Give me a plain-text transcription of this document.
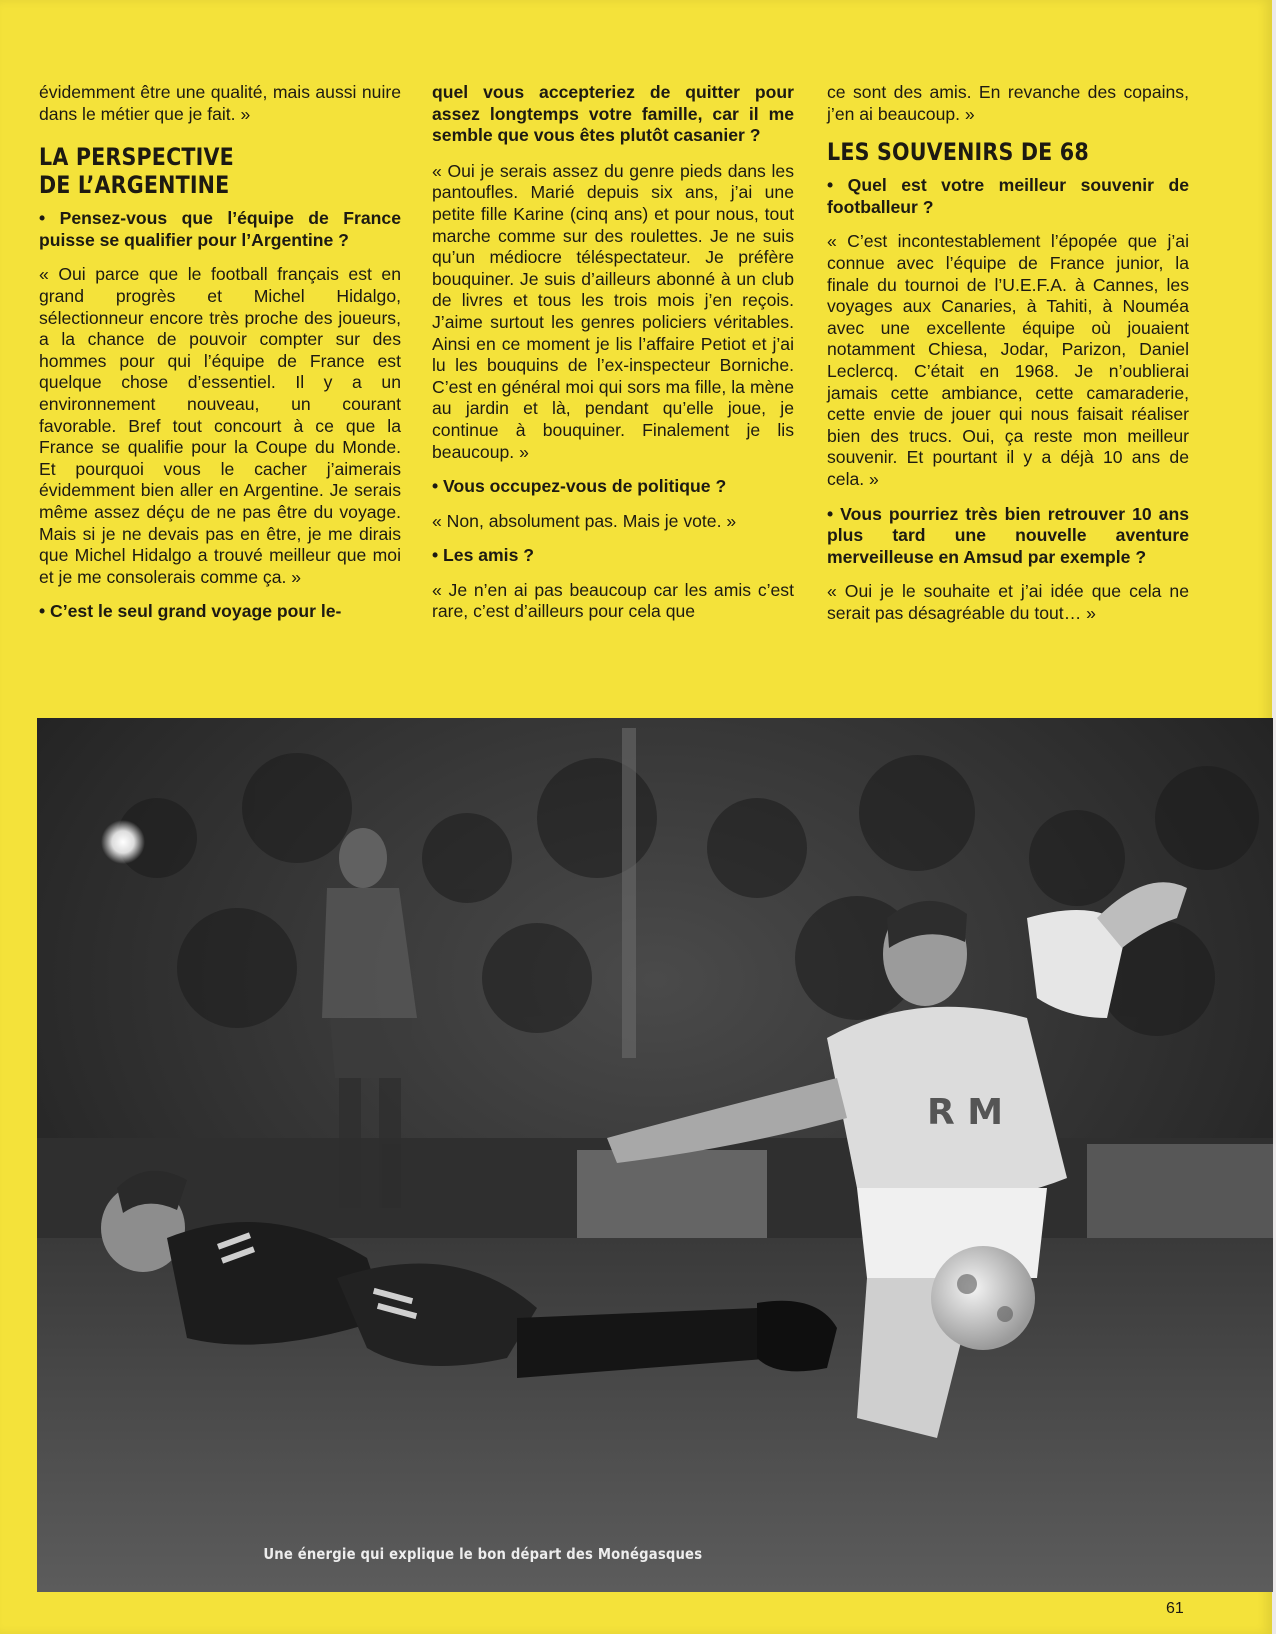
évidemment être une qualité, mais aussi nuire dans le métier que je fait. »

LA PERSPECTIVE DE L’ARGENTINE

• Pensez-vous que l’équipe de France puisse se qualifier pour l’Argentine ?

« Oui parce que le football français est en grand progrès et Michel Hidalgo, sélectionneur encore très proche des joueurs, a la chance de pouvoir compter sur des hommes pour qui l’équipe de France est quelque chose d’essentiel. Il y a un environnement nouveau, un courant favorable. Bref tout concourt à ce que la France se qualifie pour la Coupe du Monde. Et pourquoi vous le cacher j’aimerais évidemment bien aller en Argentine. Je serais même assez déçu de ne pas être du voyage. Mais si je ne devais pas en être, je me dirais que Michel Hidalgo a trouvé meilleur que moi et je me consolerais comme ça. »

• C’est le seul grand voyage pour le-

quel vous accepteriez de quitter pour assez longtemps votre famille, car il me semble que vous êtes plutôt casanier ?

« Oui je serais assez du genre pieds dans les pantoufles. Marié depuis six ans, j’ai une petite fille Karine (cinq ans) et pour nous, tout marche comme sur des roulettes. Je ne suis qu’un médiocre téléspectateur. Je préfère bouquiner. Je suis d’ailleurs abonné à un club de livres et tous les trois mois j’en reçois. J’aime surtout les genres policiers véritables. Ainsi en ce moment je lis l’affaire Petiot et j’ai lu les bouquins de l’ex-inspecteur Borniche. C’est en général moi qui sors ma fille, la mène au jardin et là, pendant qu’elle joue, je continue à bouquiner. Finalement je lis beaucoup. »

• Vous occupez-vous de politique ?

« Non, absolument pas. Mais je vote. »

• Les amis ?

« Je n’en ai pas beaucoup car les amis c’est rare, c’est d’ailleurs pour cela que

ce sont des amis. En revanche des copains, j’en ai beaucoup. »

LES SOUVENIRS DE 68

• Quel est votre meilleur souvenir de footballeur ?

« C’est incontestablement l’épopée que j’ai connue avec l’équipe de France junior, la finale du tournoi de l’U.E.F.A. à Cannes, les voyages aux Canaries, à Tahiti, à Nouméa avec une excellente équipe où jouaient notamment Chiesa, Jodar, Parizon, Daniel Leclercq. C’était en 1968. Je n’oublierai jamais cette ambiance, cette camaraderie, cette envie de jouer qui nous faisait réaliser bien des trucs. Oui, ça reste mon meilleur souvenir. Et pourtant il y a déjà 10 ans de cela. »

• Vous pourriez très bien retrouver 10 ans plus tard une nouvelle aventure merveilleuse en Amsud par exemple ?

« Oui je le souhaite et j’ai idée que cela ne serait pas désagréable du tout… »

R M
Une énergie qui explique le bon départ des Monégasques
61
